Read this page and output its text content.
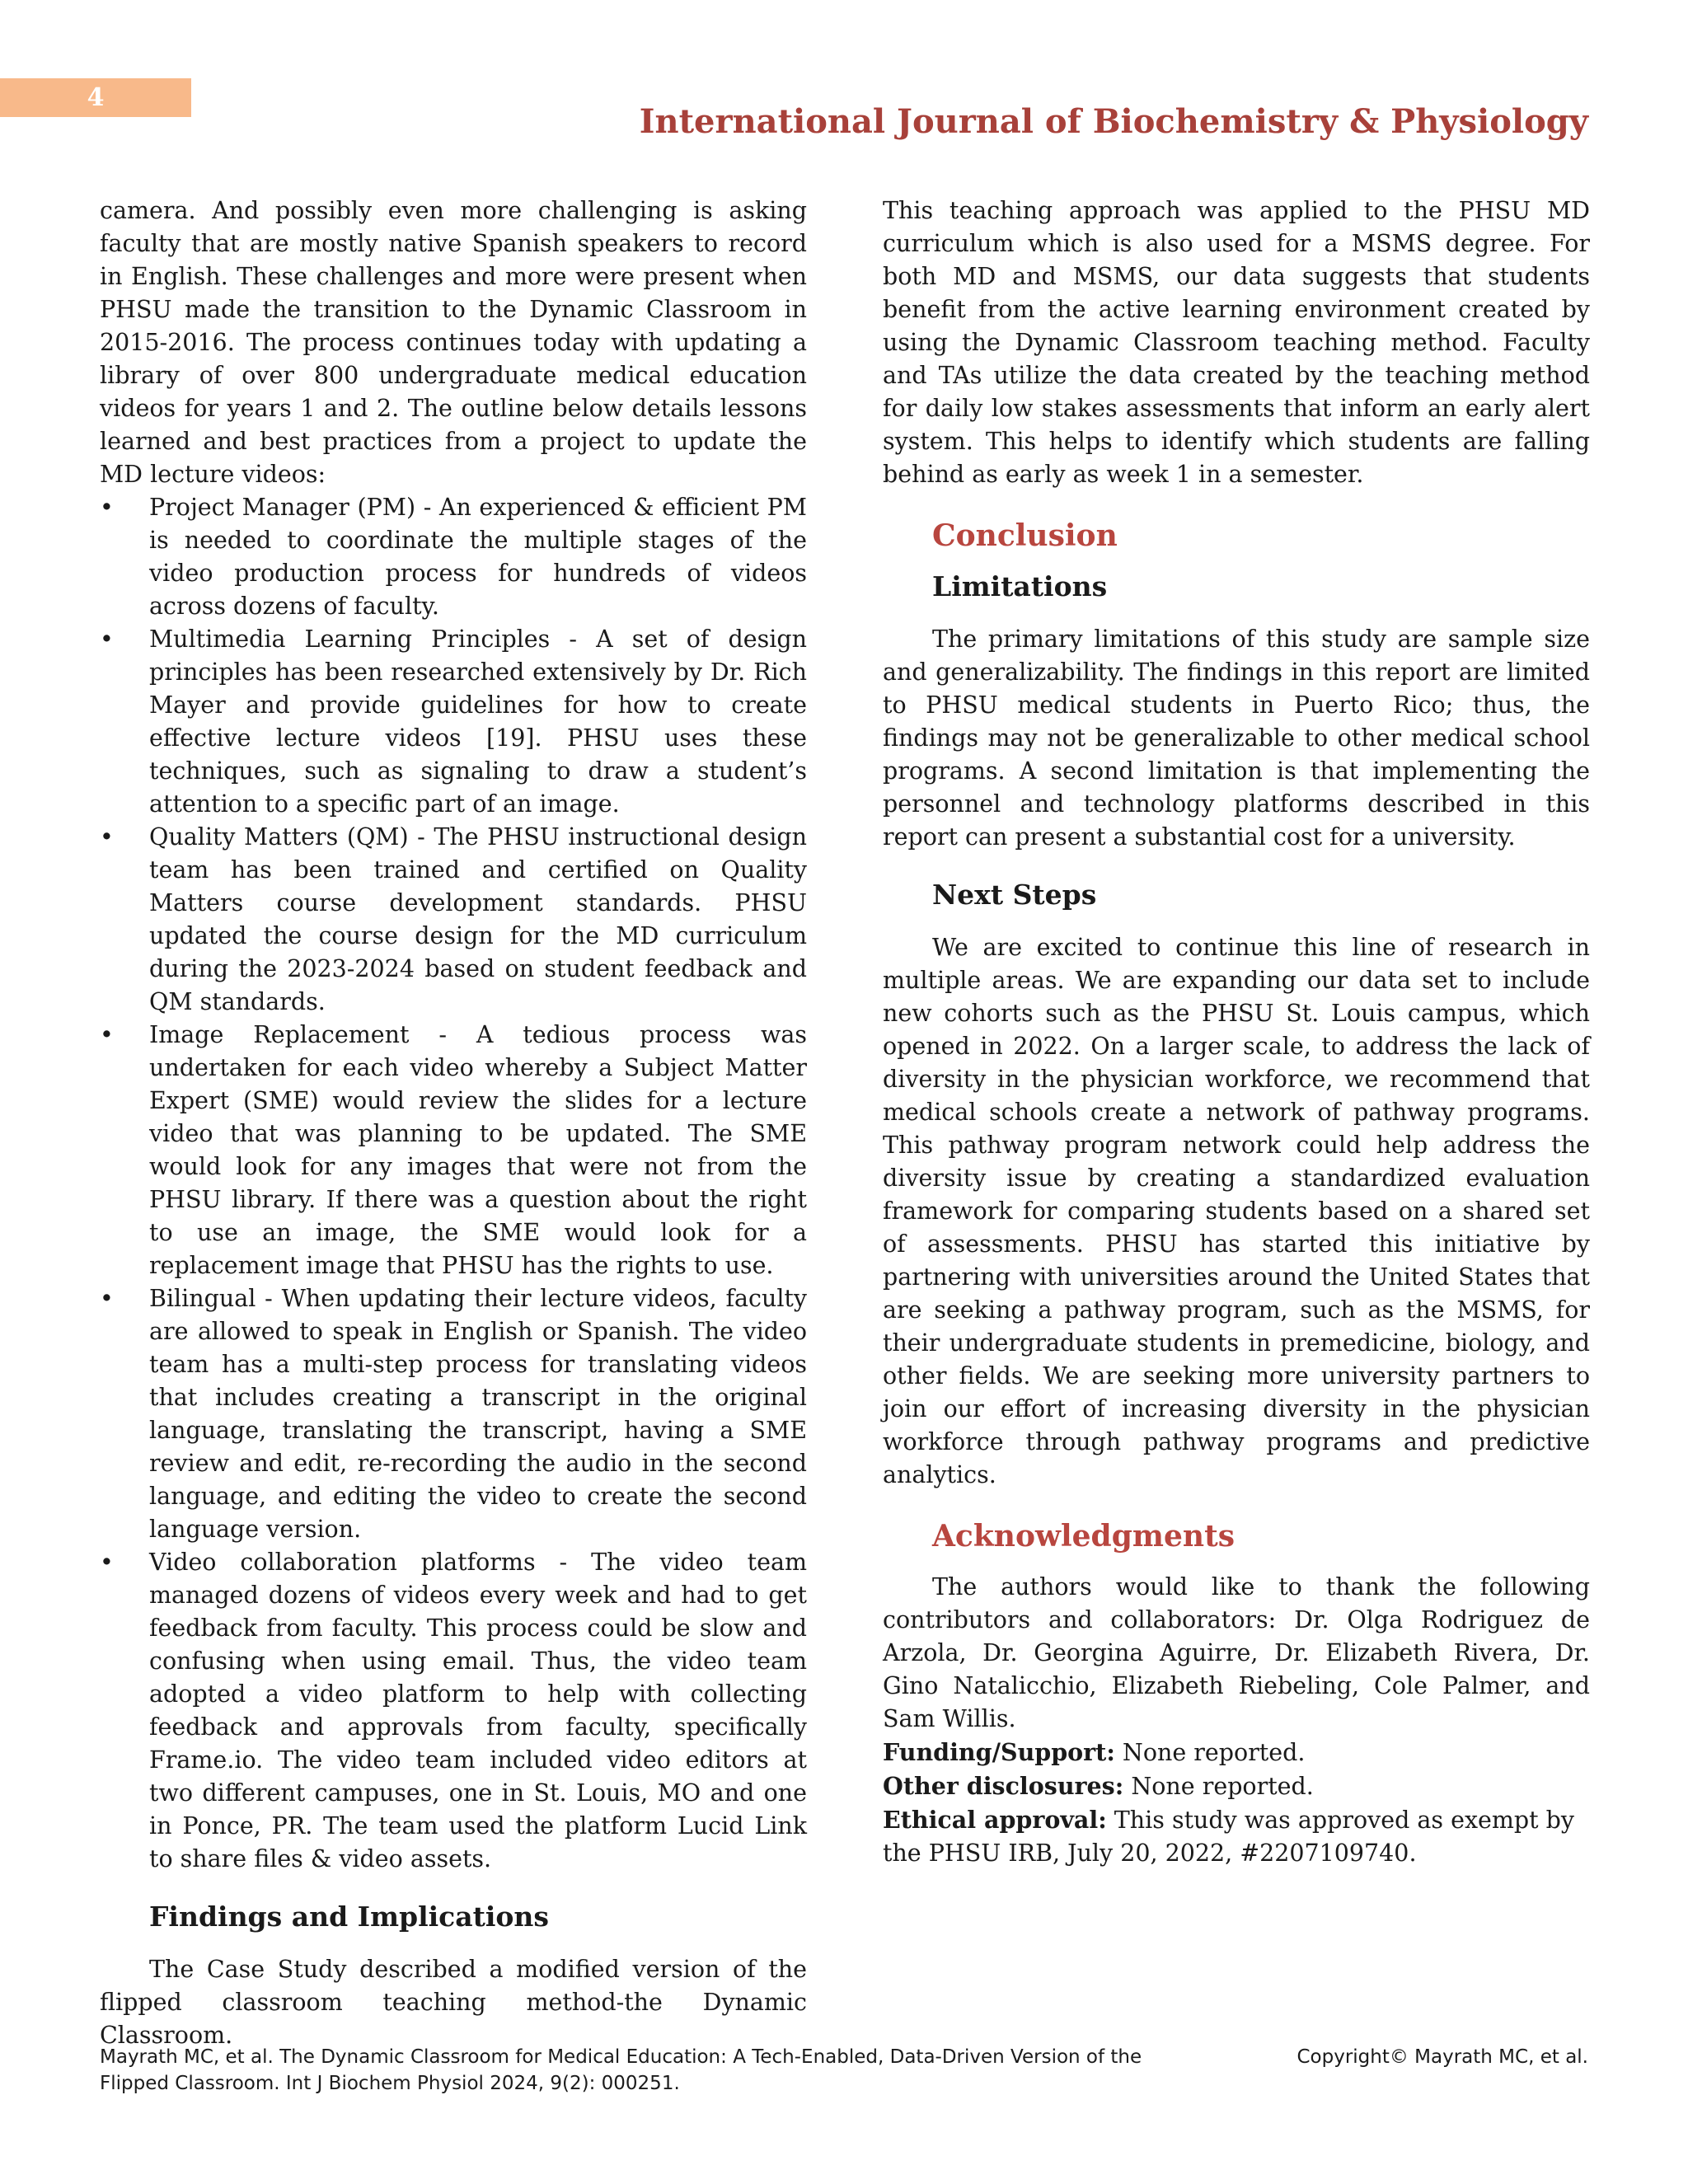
4
International Journal of Biochemistry & Physiology

camera. And possibly even more challenging is asking faculty that are mostly native Spanish speakers to record in English. These challenges and more were present when PHSU made the transition to the Dynamic Classroom in 2015-2016. The process continues today with updating a library of over 800 undergraduate medical education videos for years 1 and 2. The outline below details lessons learned and best practices from a project to update the MD lecture videos:

•	Project Manager (PM) - An experienced & efficient PM is needed to coordinate the multiple stages of the video production process for hundreds of videos across dozens of faculty.
•	Multimedia Learning Principles - A set of design principles has been researched extensively by Dr. Rich Mayer and provide guidelines for how to create effective lecture videos [19]. PHSU uses these techniques, such as signaling to draw a student’s attention to a specific part of an image.
•	Quality Matters (QM) - The PHSU instructional design team has been trained and certified on Quality Matters course development standards. PHSU updated the course design for the MD curriculum during the 2023-2024 based on student feedback and QM standards.
•	Image Replacement - A tedious process was undertaken for each video whereby a Subject Matter Expert (SME) would review the slides for a lecture video that was planning to be updated. The SME would look for any images that were not from the PHSU library. If there was a question about the right to use an image, the SME would look for a replacement image that PHSU has the rights to use.
•	Bilingual - When updating their lecture videos, faculty are allowed to speak in English or Spanish. The video team has a multi-step process for translating videos that includes creating a transcript in the original language, translating the transcript, having a SME review and edit, re-recording the audio in the second language, and editing the video to create the second language version.
•	Video collaboration platforms - The video team managed dozens of videos every week and had to get feedback from faculty. This process could be slow and confusing when using email. Thus, the video team adopted a video platform to help with collecting feedback and approvals from faculty, specifically Frame.io. The video team included video editors at two different campuses, one in St. Louis, MO and one in Ponce, PR. The team used the platform Lucid Link to share files & video assets.
Findings and Implications

The Case Study described a modified version of the flipped classroom teaching method-the Dynamic Classroom.

This teaching approach was applied to the PHSU MD curriculum which is also used for a MSMS degree. For both MD and MSMS, our data suggests that students benefit from the active learning environment created by using the Dynamic Classroom teaching method. Faculty and TAs utilize the data created by the teaching method for daily low stakes assessments that inform an early alert system. This helps to identify which students are falling behind as early as week 1 in a semester.

Conclusion
Limitations

The primary limitations of this study are sample size and generalizability. The findings in this report are limited to PHSU medical students in Puerto Rico; thus, the findings may not be generalizable to other medical school programs. A second limitation is that implementing the personnel and technology platforms described in this report can present a substantial cost for a university.

Next Steps

We are excited to continue this line of research in multiple areas. We are expanding our data set to include new cohorts such as the PHSU St. Louis campus, which opened in 2022. On a larger scale, to address the lack of diversity in the physician workforce, we recommend that medical schools create a network of pathway programs. This pathway program network could help address the diversity issue by creating a standardized evaluation framework for comparing students based on a shared set of assessments. PHSU has started this initiative by partnering with universities around the United States that are seeking a pathway program, such as the MSMS, for their undergraduate students in premedicine, biology, and other fields. We are seeking more university partners to join our effort of increasing diversity in the physician workforce through pathway programs and predictive analytics.

Acknowledgments

The authors would like to thank the following contributors and collaborators: Dr. Olga Rodriguez de Arzola, Dr. Georgina Aguirre, Dr. Elizabeth Rivera, Dr. Gino Natalicchio, Elizabeth Riebeling, Cole Palmer, and Sam Willis.

Funding/Support: None reported.

Other disclosures: None reported.

Ethical approval: This study was approved as exempt by the PHSU IRB, July 20, 2022, #2207109740.

Mayrath MC, et al. The Dynamic Classroom for Medical Education: A Tech-Enabled, Data-Driven Version of the Flipped Classroom. Int J Biochem Physiol 2024, 9(2): 000251.
Copyright© Mayrath MC, et al.
